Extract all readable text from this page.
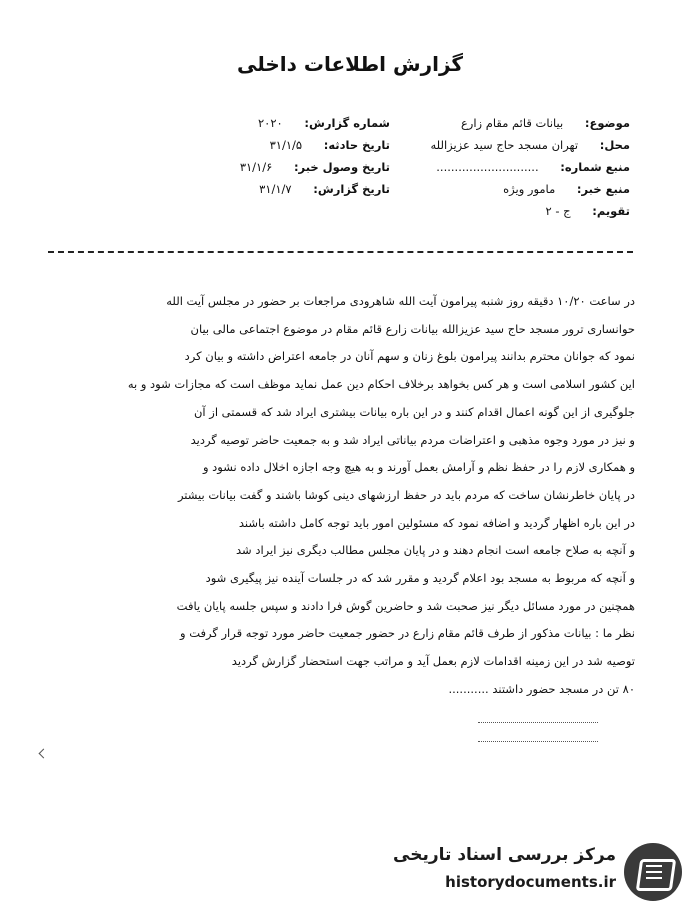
گزارش اطلاعات داخلی
موضوع: بیانات قائم مقام زارع
محل: تهران مسجد حاج سید عزیزالله
منبع شماره: ............................
منبع خبر: مامور ویژه
تقویم: ج - ۲
شماره گزارش: ۲۰۲۰
تاریخ حادثه: ۳۱/۱/۵
تاریخ وصول خبر: ۳۱/۱/۶
تاریخ گزارش: ۳۱/۱/۷
در ساعت ۱۰/۲۰ دقیقه روز شنبه پیرامون آیت الله شاهرودی مراجعات بر حضور در مجلس آیت الله
حوانساری ترور مسجد حاج سید عزیزالله بیانات زارع قائم مقام در موضوع اجتماعی مالی بیان
نمود که جوانان محترم بدانند پیرامون بلوغ زنان و سهم آنان در جامعه اعتراض داشته و بیان کرد
این کشور اسلامی است و هر کس بخواهد برخلاف احکام دین عمل نماید موظف است که مجازات شود و به
جلوگیری از این گونه اعمال اقدام کنند و در این باره بیانات بیشتری ایراد شد که قسمتی از آن
و نیز در مورد وجوه مذهبی و اعتراضات مردم بیاناتی ایراد شد و به جمعیت حاضر توصیه گردید
و همکاری لازم را در حفظ نظم و آرامش بعمل آورند و به هیچ وجه اجازه اخلال داده نشود و
در پایان خاطرنشان ساخت که مردم باید در حفظ ارزشهای دینی کوشا باشند و گفت بیانات بیشتر
در این باره اظهار گردید و اضافه نمود که مسئولین امور باید توجه کامل داشته باشند
و آنچه به صلاح جامعه است انجام دهند و در پایان مجلس مطالب دیگری نیز ایراد شد
و آنچه که مربوط به مسجد بود اعلام گردید و مقرر شد که در جلسات آینده نیز پیگیری شود
همچنین در مورد مسائل دیگر نیز صحبت شد و حاضرین گوش فرا دادند و سپس جلسه پایان یافت
نظر ما : بیانات مذکور از طرف قائم مقام زارع در حضور جمعیت حاضر مورد توجه قرار گرفت و
توصیه شد در این زمینه اقدامات لازم بعمل آید و مراتب جهت استحضار گزارش گردید
۸۰ تن در مسجد حضور داشتند ...........
مرکز بررسی اسناد تاریخی
historydocuments.ir
